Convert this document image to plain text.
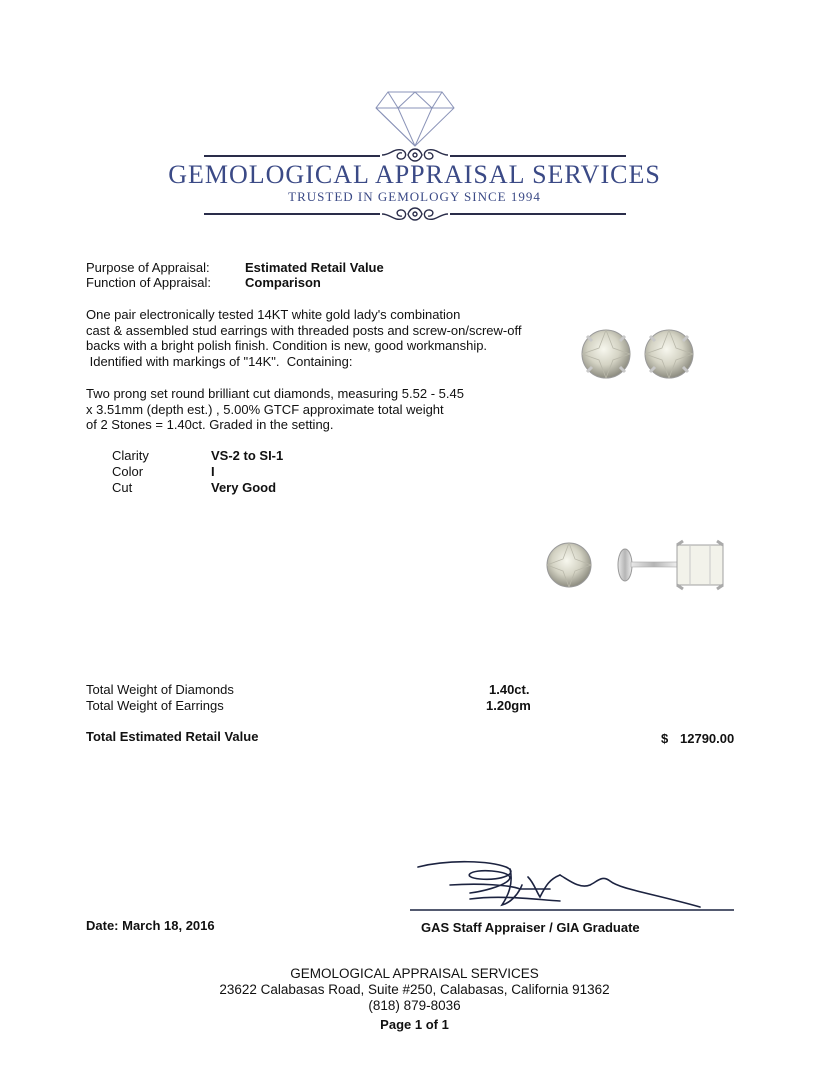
GEMOLOGICAL APPRAISAL SERVICES
TRUSTED IN GEMOLOGY SINCE 1994
Purpose of Appraisal:	Estimated Retail Value
Function of Appraisal:	Comparison
One pair electronically tested 14KT white gold lady's combination
cast & assembled stud earrings with threaded posts and screw-on/screw-off
backs with a bright polish finish. Condition is new, good workmanship.
Identified with markings of "14K".  Containing:
Two prong set round brilliant cut diamonds, measuring 5.52 - 5.45
x 3.51mm (depth est.) , 5.00% GTCF approximate total weight
of 2 Stones = 1.40ct. Graded in the setting.
Clarity	VS-2 to SI-1
Color	I
Cut	Very Good
Total Weight of Diamonds	1.40ct.
Total Weight of Earrings	1.20gm
Total Estimated Retail Value	$ 12790.00
Date: March 18, 2016	GAS Staff Appraiser / GIA Graduate
GEMOLOGICAL APPRAISAL SERVICES
23622 Calabasas Road, Suite #250, Calabasas, California 91362
(818) 879-8036
Page 1 of 1
